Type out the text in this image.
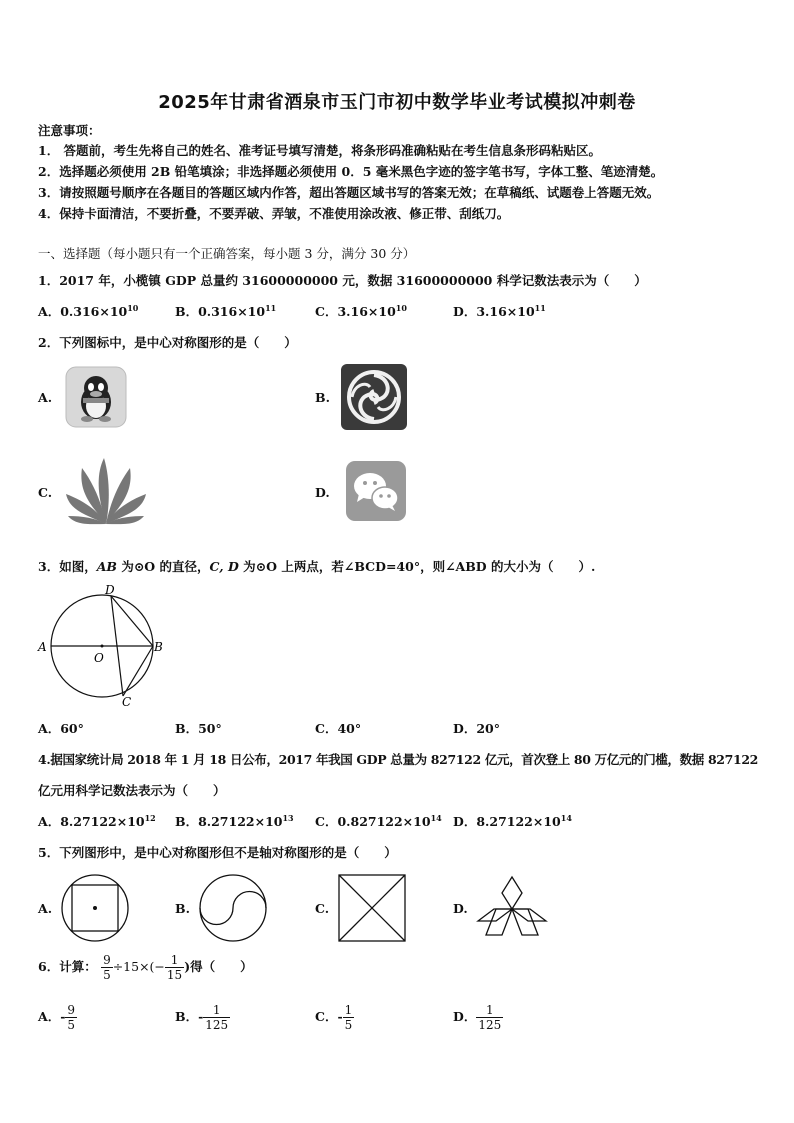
2025年甘肃省酒泉市玉门市初中数学毕业考试模拟冲刺卷
注意事项：
1． 答题前，考生先将自己的姓名、准考证号填写清楚，将条形码准确粘贴在考生信息条形码粘贴区。
2．选择题必须使用 2B 铅笔填涂；非选择题必须使用 0．5 毫米黑色字迹的签字笔书写，字体工整、笔迹清楚。
3．请按照题号顺序在各题目的答题区域内作答，超出答题区域书写的答案无效；在草稿纸、试题卷上答题无效。
4．保持卡面清洁，不要折叠，不要弄破、弄皱，不准使用涂改液、修正带、刮纸刀。
一、选择题（每小题只有一个正确答案，每小题 3 分，满分 30 分）
1．2017 年，小榄镇 GDP 总量约 31600000000 元，数据 31600000000 科学记数法表示为（　　）
A．$0.316\times 10^{10}$	B．$0.316\times 10^{11}$	C．$3.16\times 10^{10}$	D．$3.16\times 10^{11}$
2．下列图标中，是中心对称图形的是（　　）
A.	B.
C.	D.
3．如图，AB 为⊙O 的直径，C, D 为⊙O 上两点，若∠BCD=40°，则∠ABD 的大小为（　　）.
A	B
C
D
O
A．60°	B．50°	C．40°	D．20°
4.据国家统计局 2018 年 1 月 18 日公布，2017 年我国 GDP 总量为 827122 亿元，首次登上 80 万亿元的门槛，数据 827122
亿元用科学记数法表示为（　　）
A．$8.27122\times 10^{12}$ B．$8.27122\times 10^{13}$ C．$0.827122\times 10^{14}$ D．$8.27122\times 10^{14}$
5．下列图形中，是中心对称图形但不是轴对称图形的是（　　）
A.	B.	C.	D.
6．计算： $\frac{9}{5} \div 15\times(- \frac{1}{15}$ )得（　　）
A．- $\frac{9}{5}$	B．- $\frac{1}{125}$	C．- $\frac{1}{5}$	D． $\frac{1}{125}$
